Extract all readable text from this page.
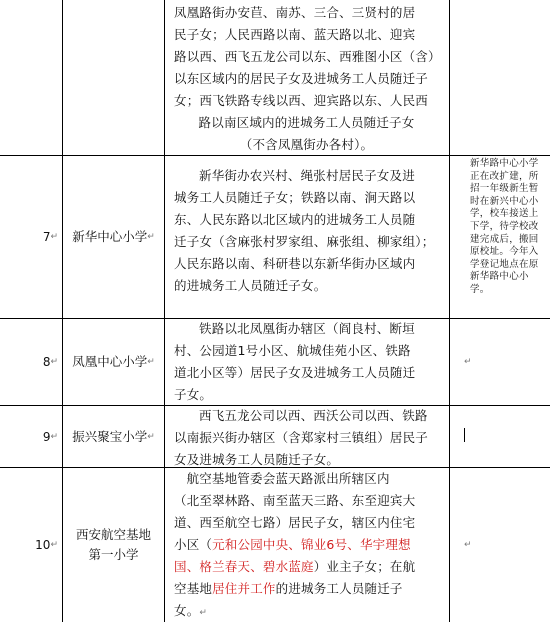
凤凰路街办安苣、南苏、三合、三贤村的居
民子女；人民西路以南、蓝天路以北、迎宾
路以西、西飞五龙公司以东、西雅图小区（含）
以东区域内的居民子女及进城务工人员随迁子
女；西飞铁路专线以西、迎宾路以东、人民西
路以南区域内的进城务工人员随迁子女
（不含凤凰街办各村）。
7 ↵ 新华中心小学 ↵
新华街办农兴村、绳张村居民子女及进
城务工人员随迁子女；铁路以南、涧天路以
东、人民东路以北区域内的进城务工人员随
迁子女（含麻张村罗家组、麻张组、柳家组）；
人民东路以南、科研巷以东新华街办区域内
的进城务工人员随迁子女。
新华路中心小学
正在改扩建，所
招一年级新生暂
时在新兴中心小
学，校车接送上
下学，待学校改
建完成后，搬回
原校址。今年入
学登记地点在原
新华路中心小
学。
8 ↵ 凤凰中心小学 ↵
铁路以北凤凰街办辖区（阎良村、断垣
村、公园道1号小区、航城佳苑小区、铁路
道北小区等）居民子女及进城务工人员随迁
子女。
↵
9 ↵ 振兴聚宝小学 ↵
西飞五龙公司以西、西沃公司以西、铁路
以南振兴街办辖区（含郑家村三镇组）居民子
女及进城务工人员随迁子女。
10 ↵
西安航空基地
第一小学
航空基地管委会蓝天路派出所辖区内
（北至翠林路、南至蓝天三路、东至迎宾大
道、西至航空七路）居民子女，辖区内住宅
小区（元和公园中央、锦业6号、华宇理想
国、格兰春天、碧水蓝庭）业主子女；在航
空基地居住并工作的进城务工人员随迁子
女。↵
↵
